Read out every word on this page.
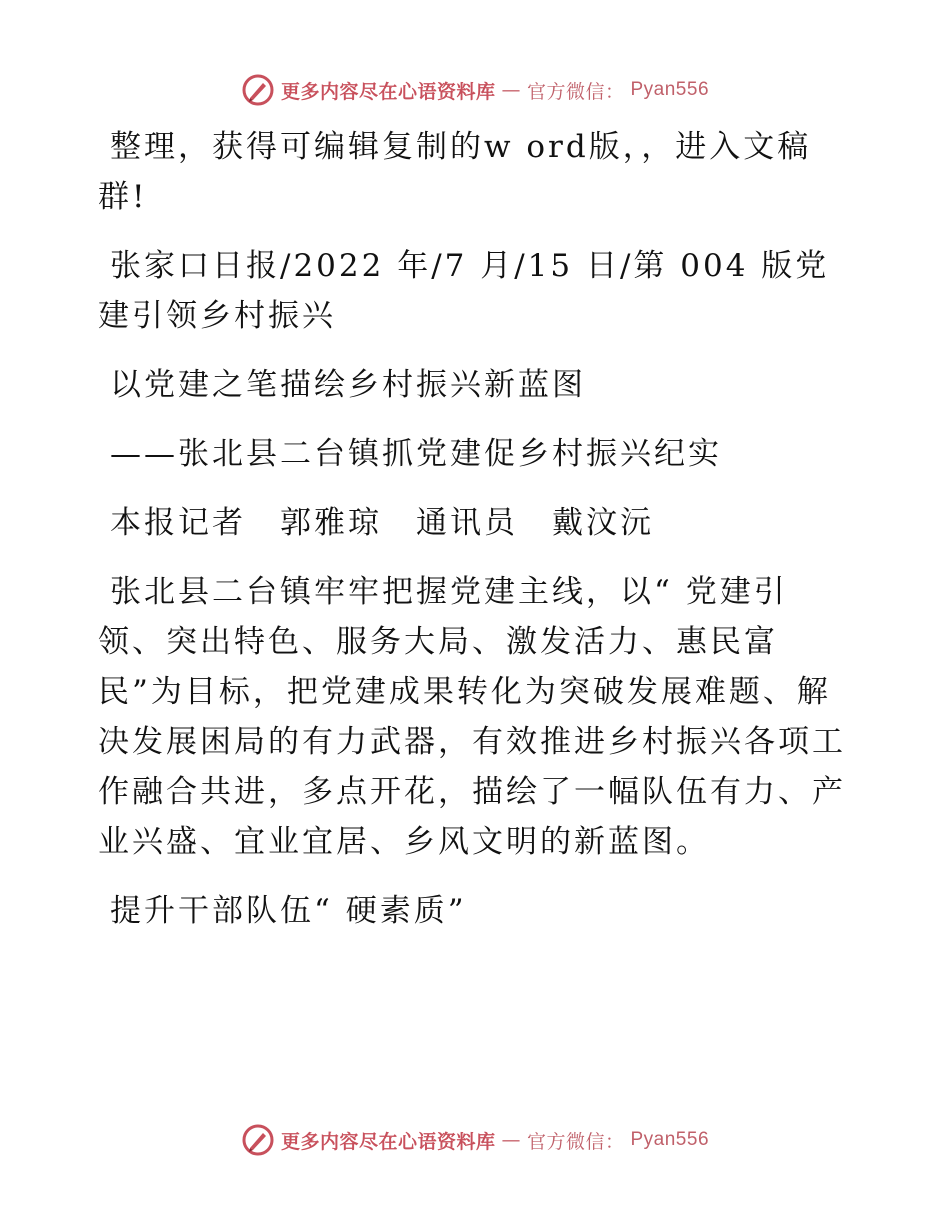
更多内容尽在心语资料库 — 官方微信： Pyan556

整理，获得可编辑复制的w ord版，，进入文稿群!

张家口日报/2022 年/7 月/15 日/第 004 版党建引领乡村振兴

以党建之笔描绘乡村振兴新蓝图

——张北县二台镇抓党建促乡村振兴纪实

本报记者　郭雅琼　通讯员　戴汶沅

张北县二台镇牢牢把握党建主线，以“ 党建引领、突出特色、服务大局、激发活力、惠民富民”为目标，把党建成果转化为突破发展难题、解决发展困局的有力武器，有效推进乡村振兴各项工作融合共进，多点开花，描绘了一幅队伍有力、产业兴盛、宜业宜居、乡风文明的新蓝图。

提升干部队伍“ 硬素质”

更多内容尽在心语资料库 — 官方微信： Pyan556
